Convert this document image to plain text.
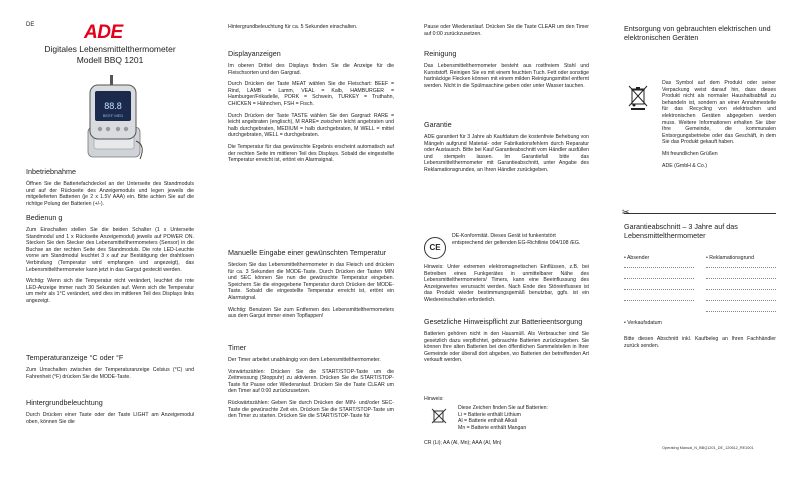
DE	ADE
Digitales Lebensmittelthermometer
Modell BBQ 1201
88.8
BEEF MED
Inbetriebnahme

Öffnen Sie die Batteriefachdeckel an der Unterseite des Standmoduls und auf der Rückseite des Anzeigemoduls und legen jeweils die mitgelieferten Batterien (je 2 x 1.5V AAA) ein. Bitte achten Sie auf die richtige Polung der Batterien (+/-).

Bedienun g

Zum Einschalten stellen Sie die beiden Schalter (1 x Unterseite Standmodul und 1 x Rückseite Anzeigemodul) jeweils auf POWER ON. Stecken Sie den Stecker des Lebensmittelthermometers (Sensor) in die Buchse an der rechten Seite des Standmoduls. Die rote LED-Leuchte vorne am Standmodul leuchtet 3 x auf zur Bestätigung der drahtlosen Verbindung (Temperatur wird empfangen und angezeigt), das Lebensmittelthermometer kann jetzt in das Gargut gesteckt werden.

Wichtig: Wenn sich die Temperatur nicht verändert, leuchtet die rote LED-Anzeige immer nach 30 Sekunden auf. Wenn sich die Temperatur um mehr als 1°C verändert, wird dies im mittleren Teil des Displays links angezeigt.

Temperaturanzeige °C oder °F

Zum Umschalten zwischen der Temperaturanzeige Celsius (°C) und Fahrenheit (°F) drücken Sie die MODE-Taste.

Hintergrundbeleuchtung

Durch Drücken einer Taste oder der Taste LIGHT am Anzeigemodul oben, können Sie die

Hintergrundbeleuchtung für ca. 5 Sekunden einschalten.

Displayanzeigen

Im oberen Drittel des Displays finden Sie die Anzeige für die Fleischsorten und den Gargrad.

Durch Drücken der Taste MEAT wählen Sie die Fleischart: BEEF = Rind, LAMB = Lamm, VEAL = Kalb, HAMBURGER = Hamburger/Frikadelle, PORK = Schwein, TURKEY = Truthahn, CHICKEN = Hähnchen, FSH = Fisch.

Durch Drücken der Taste TASTE wählen Sie den Gargrad: RARE = leicht angebraten (englisch), M RARE= zwischen leicht angebraten und halb durchgebraten, MEDIUM = halb durchgebraten, M WELL = mittel durchgebraten, WELL = durchgebraten.

Die Temperatur für das gewünschte Ergebnis erscheint automatisch auf der rechten Seite im mittleren Teil des Displays. Sobald die eingestellte Temperatur erreicht ist, ertönt ein Alarmsignal.

Manuelle Eingabe einer gewünschten Temperatur

Stecken Sie das Lebensmittelthermometer in das Fleisch und drücken für ca. 3 Sekunden die MODE-Taste. Durch Drücken der Tasten MIN und SEC können Sie nun die gewünschte Temperatur eingeben. Speichern Sie die eingegebene Temperatur durch Drücken der MODE-Taste. Sobald die eingestellte Temperatur erreicht ist, ertönt ein Alarmsignal.

Wichtig: Benutzen Sie zum Entfernen des Lebensmittelthermometers aus dem Gargut immer einen Topflappen!

Timer

Der Timer arbeitet unabhängig von dem Lebensmittelthermometer.

Vorwärtszählen: Drücken Sie die START/STOP-Taste um die Zeitmessung (Stoppuhr) zu aktivieren. Drücken Sie die START/STOP-Taste für Pause oder Wiederanlauf. Drücken Sie die Taste CLEAR um den Timer auf 0:00 zurückzusetzen.

Rückwärtszählen: Geben Sie durch Drücken der MIN- und/oder SEC-Taste die gewünschte Zeit ein. Drücken Sie die START/STOP-Taste um den Timer zu starten. Drücken Sie die START/STOP-Taste für

Pause oder Wiederanlauf. Drücken Sie die Taste CLEAR um den Timer auf 0:00 zurückzusetzen.

Reinigung

Das Lebensmittelthermometer besteht aus rostfreiem Stahl und Kunststoff. Reinigen Sie es mit einem feuchten Tuch. Fett oder sonstige hartnäckige Flecken können mit einem milden Reinigungsmittel entfernt werden. Nicht in die Spülmaschine geben oder unter Wasser tauchen.

Garantie

ADE garantiert für 3 Jahre ab Kaufdatum die kostenfreie Behebung von Mängeln aufgrund Material- oder Fabrikationsfehlern durch Reparatur oder Austausch. Bitte bei Kauf Garantieabschnitt vom Händler ausfüllen und stempeln lassen. Im Garantiefall bitte das Lebensmittelthermometer mit Garantieabschnitt, unter Angabe des Reklamationsgrundes, an Ihren Händler zurückgeben.

CE

DE-Konformität. Dieses Gerät ist funkentstört entsprechend der geltenden EG-Richtlinie 004/108 /EG.

Hinweis: Unter extremen elektromagnetischen Einflüssen, z.B. bei Betreiben eines Funkgerätes in unmittelbarer Nähe des Lebensmittelthermometers/ Timers, kann eine Beeinflussung des Anzeigewertes verursacht werden. Nach Ende des Störeinflusses ist das Produkt wieder bestimmungsgemäß benutzbar, ggfs. ist ein Wiedereinschalten erforderlich.

Gesetzliche Hinweispflicht zur Batterieentsorgung

Batterien gehören nicht in den Hausmüll. Als Verbraucher sind Sie gesetzlich dazu verpflichtet, gebrauchte Batterien zurückzugeben. Sie können Ihre alten Batterien bei den öffentlichen Sammelstellen in Ihrer Gemeinde oder überall dort abgeben, wo Batterien der betreffenden Art verkauft werden.

Hinweis:

Diese Zeichen finden Sie auf Batterien:
Li = Batterie enthält Lithium
Al = Batterie enthält Alkali
Mn = Batterie enthält Mangan

CR (Li); AA (Al, Mn); AAA (Al, Mn)

Entsorgung von gebrauchten elektrischen und elektronischen Geräten

Das Symbol auf dem Produkt oder seiner Verpackung weist darauf hin, dass dieses Produkt nicht als normaler Haushaltsabfall zu behandeln ist, sondern an einer Annahmestelle für das Recycling von elektrischen und elektronischen Geräten abgegeben werden muss. Weitere Informationen erhalten Sie über Ihre Gemeinde, die kommunalen Entsorgungsbetriebe oder das Geschäft, in dem Sie das Produkt gekauft haben.

Mit freundlichen Grüßen

ADE (GmbH & Co.)

✂
Garantieabschnitt – 3 Jahre auf das Lebensmittelthermometer
• Absender	• Reklamationsgrund
• Verkaufsdatum

Bitte diesen Abschnitt inkl. Kaufbeleg an Ihren Fachhändler zurück senden.

Operating Manual_N_BBQ1201_DE_120612_RE1001
